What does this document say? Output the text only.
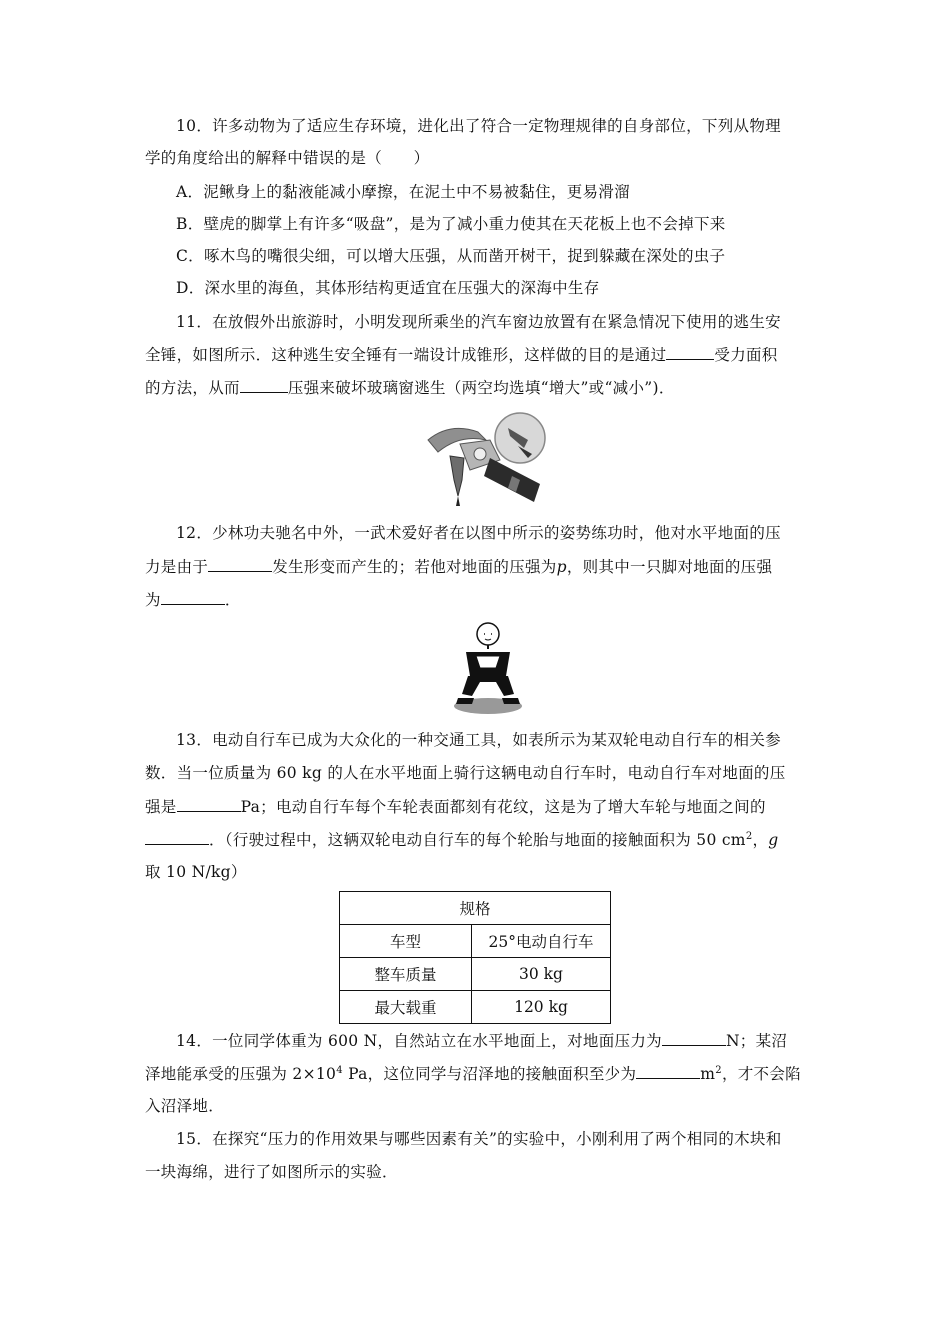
10．许多动物为了适应生存环境，进化出了符合一定物理规律的自身部位，下列从物理
学的角度给出的解释中错误的是（　　）
A．泥鳅身上的黏液能减小摩擦，在泥土中不易被黏住，更易滑溜
B．壁虎的脚掌上有许多“吸盘”，是为了减小重力使其在天花板上也不会掉下来
C．啄木鸟的嘴很尖细，可以增大压强，从而凿开树干，捉到躲藏在深处的虫子
D．深水里的海鱼，其体形结构更适宜在压强大的深海中生存
11．在放假外出旅游时，小明发现所乘坐的汽车窗边放置有在紧急情况下使用的逃生安
全锤，如图所示．这种逃生安全锤有一端设计成锥形，这样做的目的是通过	受力面积
的方法，从而	压强来破坏玻璃窗逃生（两空均选填“增大”或“减小”)．
12．少林功夫驰名中外，一武术爱好者在以图中所示的姿势练功时，他对水平地面的压
力是由于	发生形变而产生的；若他对地面的压强为p，则其中一只脚对地面的压强
为	．
13．电动自行车已成为大众化的一种交通工具，如表所示为某双轮电动自行车的相关参
数．当一位质量为 60 kg 的人在水平地面上骑行这辆电动自行车时，电动自行车对地面的压
强是	Pa；电动自行车每个车轮表面都刻有花纹，这是为了增大车轮与地面之间的
．（行驶过程中，这辆双轮电动自行车的每个轮胎与地面的接触面积为 50 $cm^2$，g
取 10 N/kg）
规格	
车型	25°电动自行车
整车质量	30 kg
最大载重	120 kg
14．一位同学体重为 600 N，自然站立在水平地面上，对地面压力为	N；某沼
泽地能承受的压强为 $2\times 10^4$ Pa，这位同学与沼泽地的接触面积至少为	$m^2$，才不会陷
入沼泽地．
15．在探究“压力的作用效果与哪些因素有关”的实验中，小刚利用了两个相同的木块和
一块海绵，进行了如图所示的实验．
